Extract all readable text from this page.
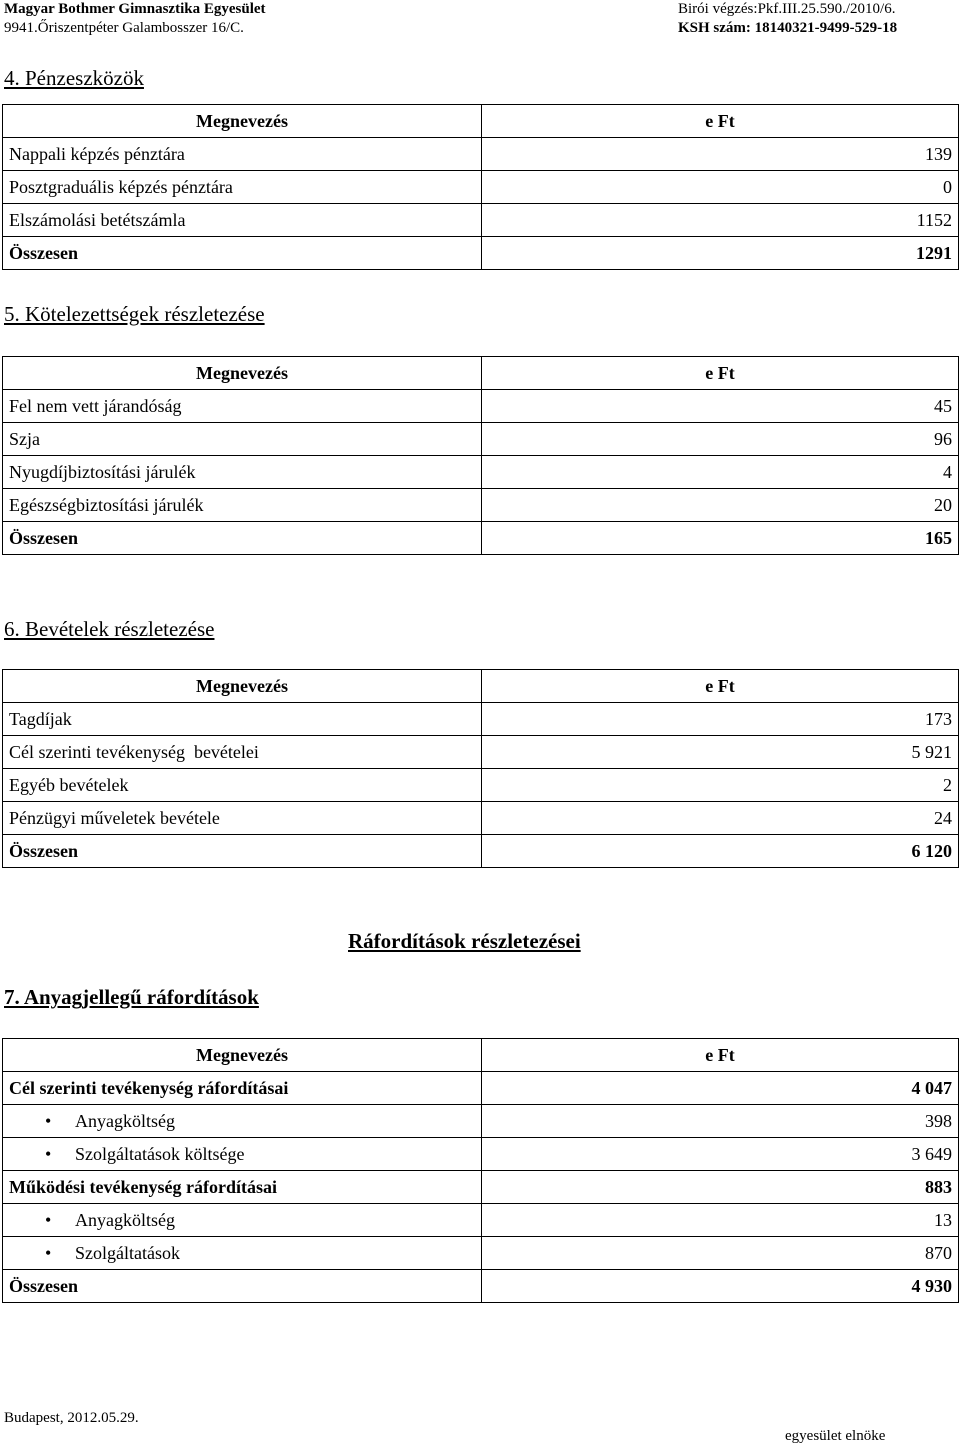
Magyar Bothmer Gimnasztika Egyesület
9941.Őriszentpéter Galambosszer 16/C.
Birói végzés:Pkf.III.25.590./2010/6.
KSH szám: 18140321-9499-529-18
4. Pénzeszközök
Megnevezés	e Ft
Nappali képzés pénztára	139
Posztgraduális képzés pénztára	0
Elszámolási betétszámla	1152
Összesen	1291
5. Kötelezettségek részletezése
Megnevezés	e Ft
Fel nem vett járandóság	45
Szja	96
Nyugdíjbiztosítási járulék	4
Egészségbiztosítási járulék	20
Összesen	165
6. Bevételek részletezése
Megnevezés	e Ft
Tagdíjak	173
Cél szerinti tevékenység  bevételei	5 921
Egyéb bevételek	2
Pénzügyi műveletek bevétele	24
Összesen	6 120
Ráfordítások részletezései
7. Anyagjellegű ráfordítások
Megnevezés	e Ft
Cél szerinti tevékenység ráfordításai	4 047
• Anyagköltség	398
• Szolgáltatások költsége	3 649
Működési tevékenység ráfordításai	883
• Anyagköltség	13
• Szolgáltatások	870
Összesen	4 930
Budapest, 2012.05.29.
egyesület elnöke
